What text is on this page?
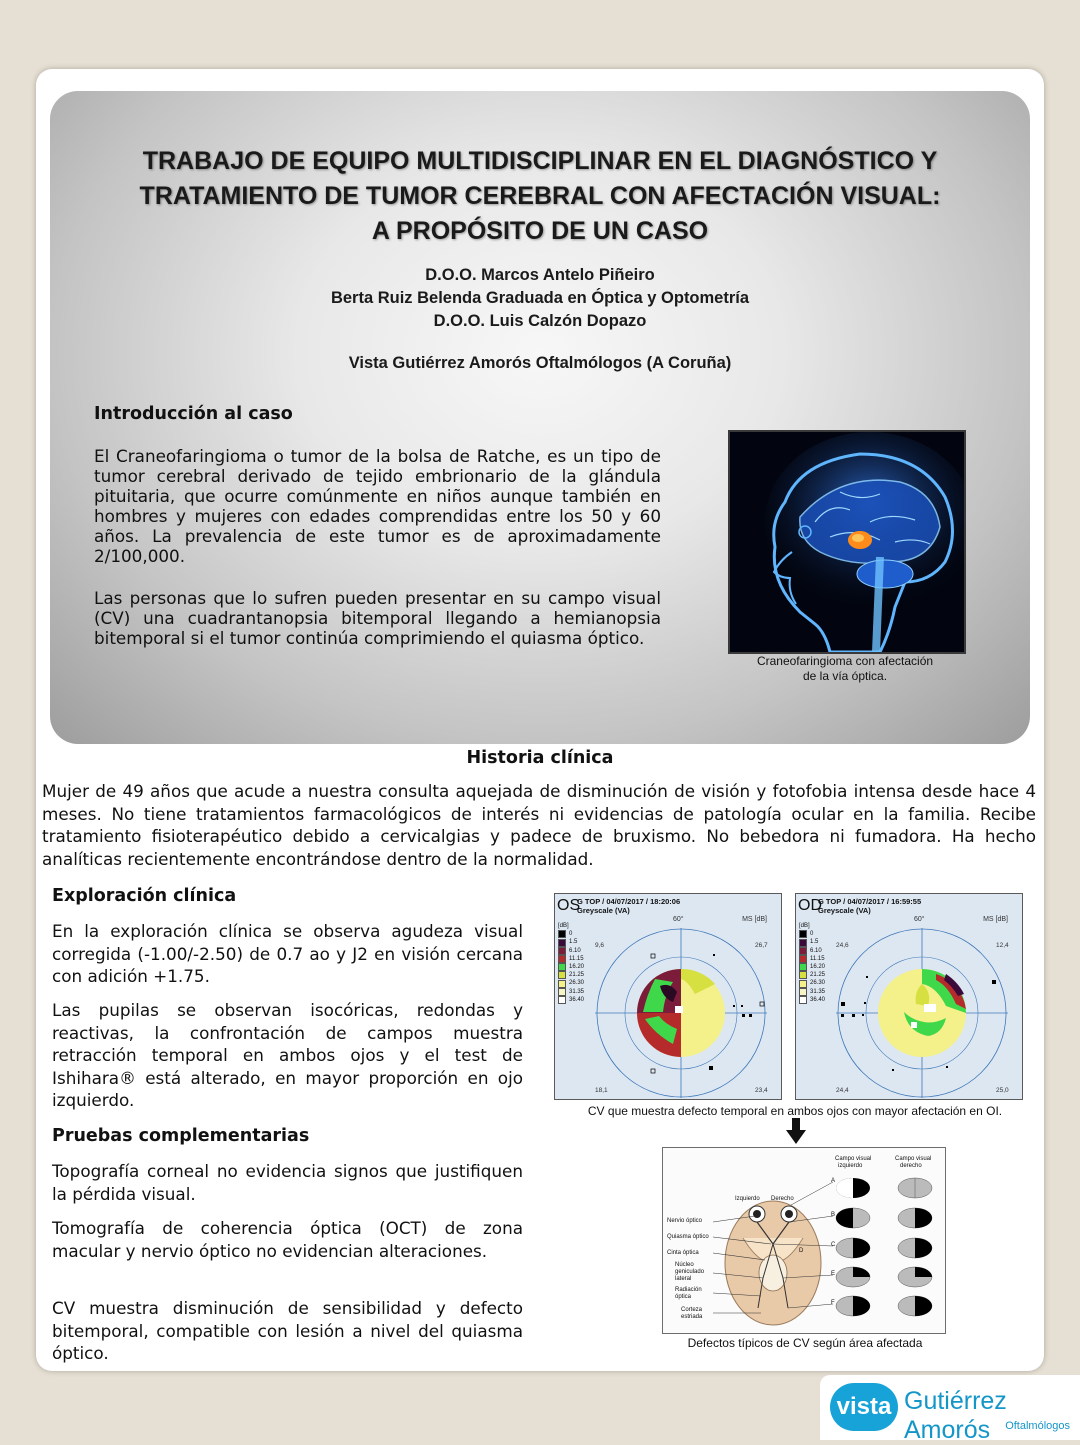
TRABAJO DE EQUIPO MULTIDISCIPLINAR EN EL DIAGNÓSTICO Y
TRATAMIENTO DE TUMOR CEREBRAL CON AFECTACIÓN VISUAL:
A PROPÓSITO DE UN CASO
D.O.O. Marcos Antelo Piñeiro
Berta Ruiz Belenda Graduada en Óptica y Optometría
D.O.O. Luis Calzón Dopazo
Vista Gutiérrez Amorós Oftalmólogos (A Coruña)
Introducción al caso

El Craneofaringioma o tumor de la bolsa de Ratche, es un tipo de tumor cerebral derivado de tejido embrionario de la glándula pituitaria, que ocurre comúnmente en niños aunque también en hombres y mujeres con edades comprendidas entre los 50 y 60 años. La prevalencia de este tumor es de aproximadamente 2/100,000.

Las personas que lo sufren pueden presentar en su campo visual (CV) una cuadrantanopsia bitemporal llegando a hemianopsia bitemporal si el tumor continúa comprimiendo el quiasma óptico.

Craneofaringioma con afectación
de la vía óptica.
Historia clínica

Mujer de 49 años que acude a nuestra consulta aquejada de disminución de visión y fotofobia intensa desde hace 4 meses. No tiene tratamientos farmacológicos de interés ni evidencias de patología ocular en la familia. Recibe tratamiento fisioterapéutico debido a cervicalgias y padece de bruxismo. No bebedora ni fumadora. Ha hecho analíticas recientemente encontrándose dentro de la normalidad.

Exploración clínica

En la exploración clínica se observa agudeza visual corregida (-1.00/-2.50) de 0.7 ao y J2 en visión cercana con adición +1.75.

Las pupilas se observan isocóricas, redondas y reactivas, la confrontación de campos muestra retracción temporal en ambos ojos y el test de Ishihara® está alterado, en mayor proporción en ojo izquierdo.

Pruebas complementarias

Topografía corneal no evidencia signos que justifiquen la pérdida visual.

Tomografía de coherencia óptica (OCT) de zona macular y nervio óptico no evidencian alteraciones.

CV muestra disminución de sensibilidad y defecto bitemporal, compatible con lesión a nivel del quiasma óptico.

OS
G TOP / 04/07/2017 / 18:20:06
Greyscale (VA)
60°	MS [dB]
9,6	26,7
18,1	23,4
[dB]
0
1.5
6.10
11.15
16.20
21.25
26.30
31.35
36.40
OD
G TOP / 04/07/2017 / 16:59:55
Greyscale (VA)
60°	MS [dB]
24,6	12,4
24,4	25,0
[dB]
0
1.5
6.10
11.15
16.20
21.25
26.30
31.35
36.40
CV que muestra defecto temporal en ambos ojos con mayor afectación en OI.
Campo visual
izquierdo
Campo visual
derecho
Izquierdo Derecho
Nervio óptico
Quiasma óptico
Cinta óptica
Núcleo
geniculado
lateral
Radiación
óptica
Corteza
estriada
A
B
C
D
E
F
Defectos típicos de CV según área afectada
vista Gutiérrez Amorós	Oftalmólogos
